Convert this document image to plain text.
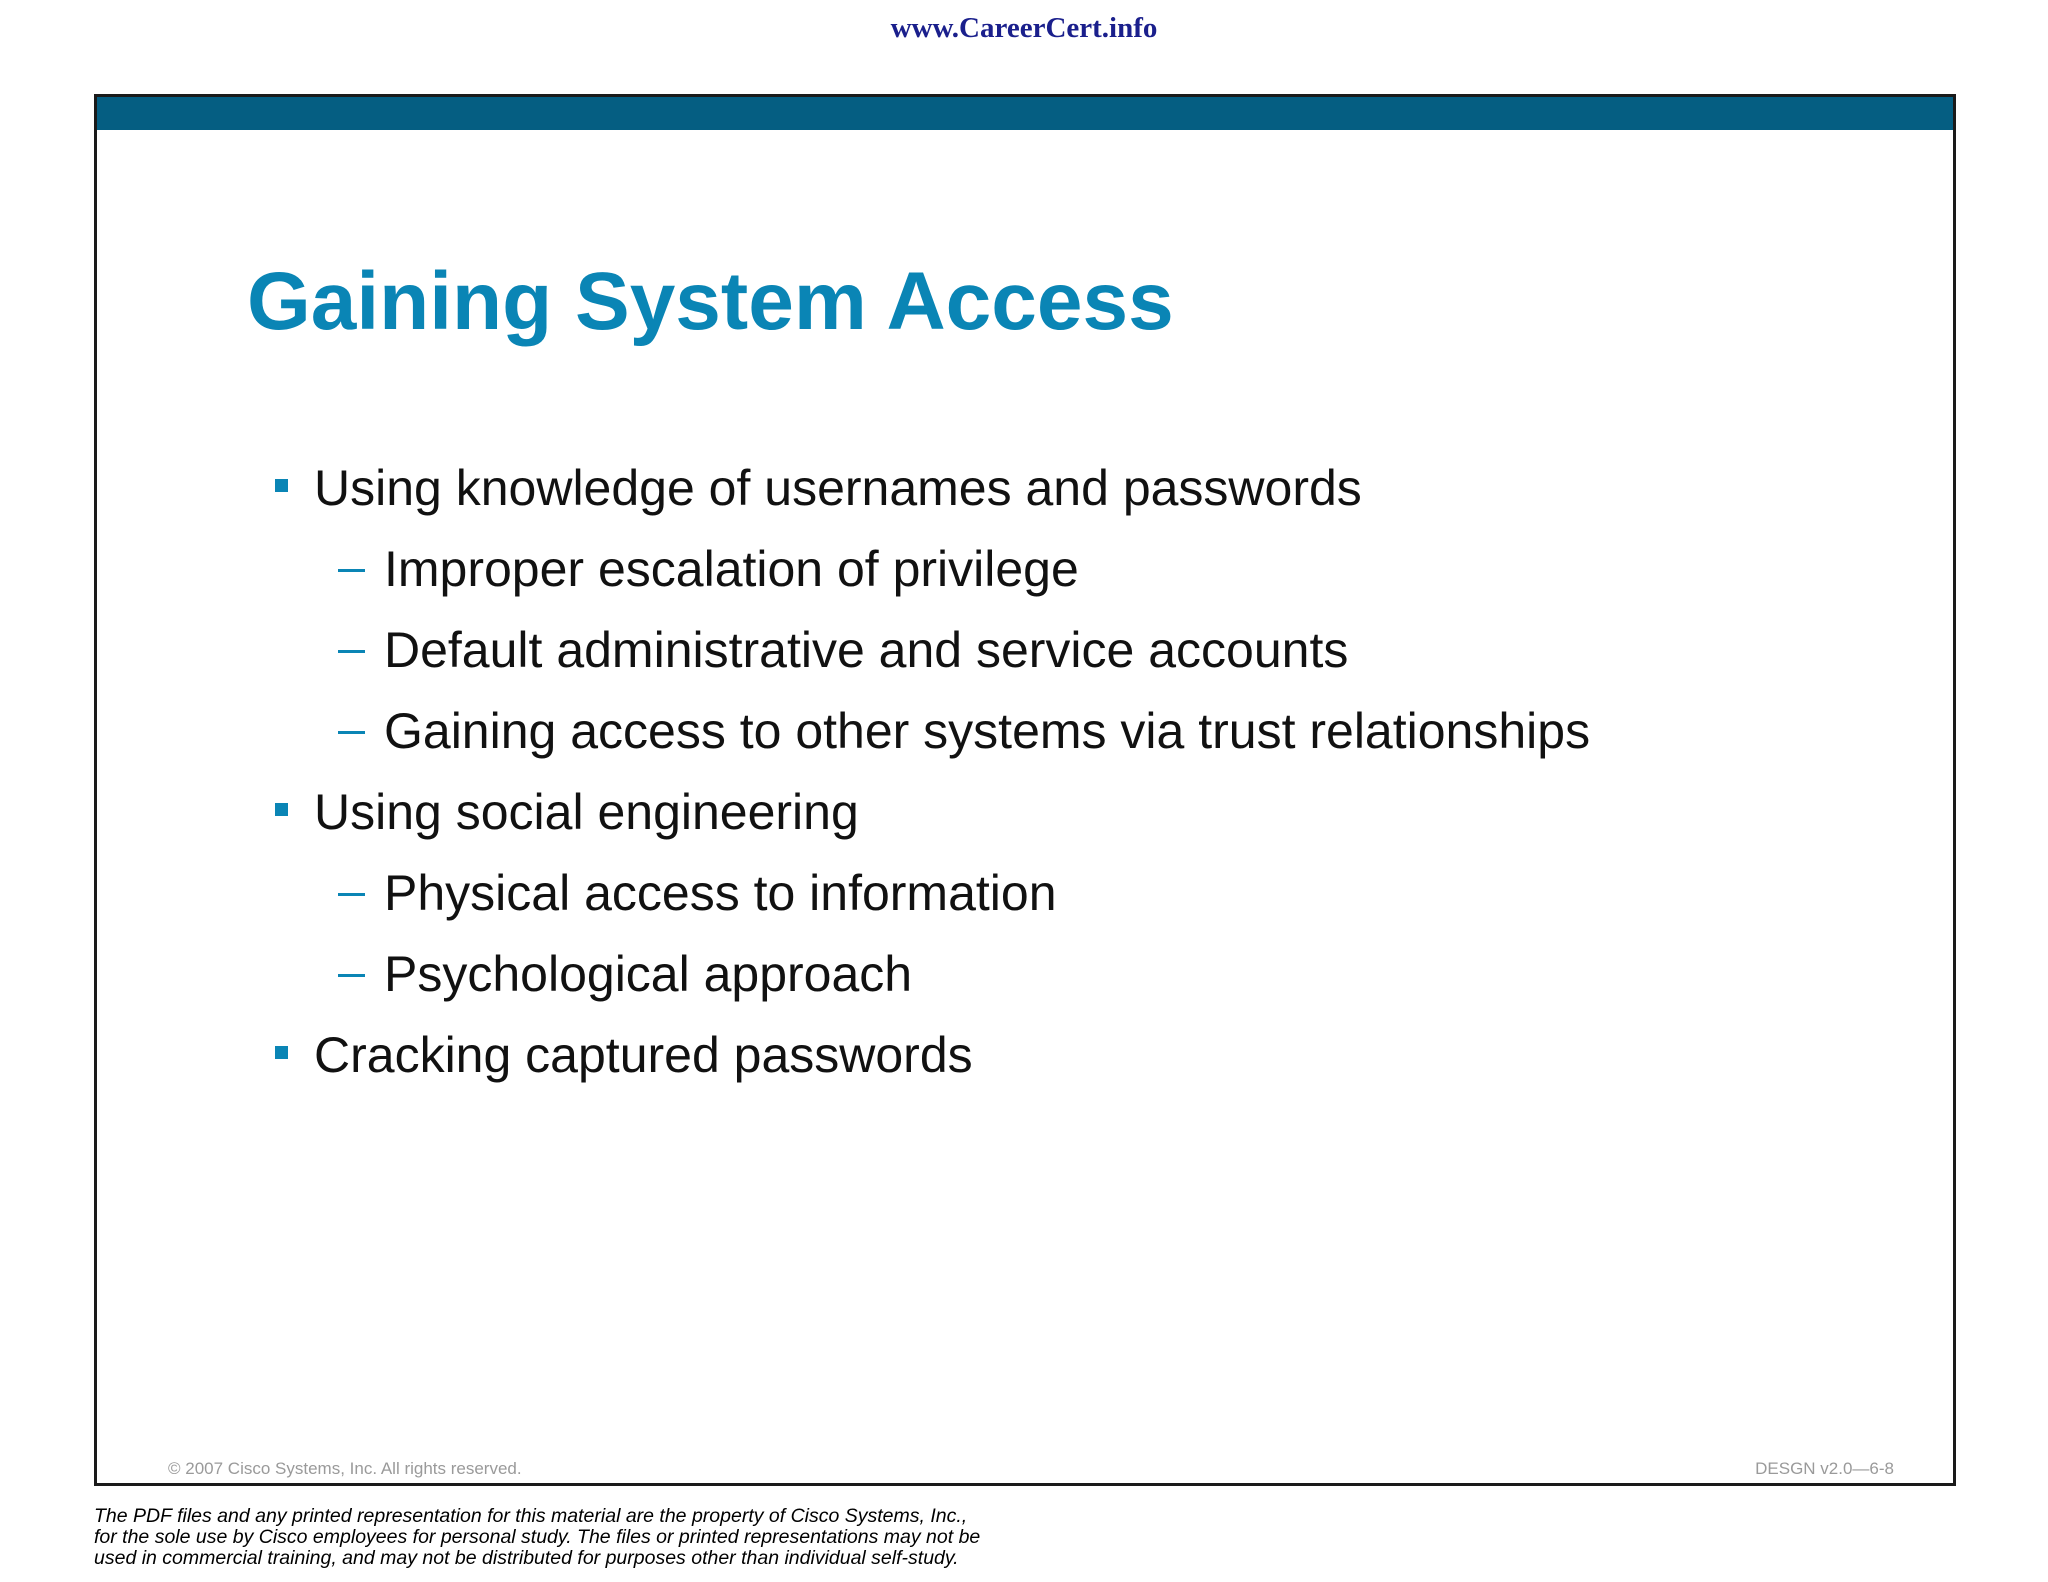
www.CareerCert.info
Gaining System Access
Using knowledge of usernames and passwords
Improper escalation of privilege
Default administrative and service accounts
Gaining access to other systems via trust relationships
Using social engineering
Physical access to information
Psychological approach
Cracking captured passwords
© 2007 Cisco Systems, Inc. All rights reserved.	DESGN v2.0—6-8
The PDF files and any printed representation for this material are the property of Cisco Systems, Inc.,
for the sole use by Cisco employees for personal study. The files or printed representations may not be
used in commercial training, and may not be distributed for purposes other than individual self-study.
